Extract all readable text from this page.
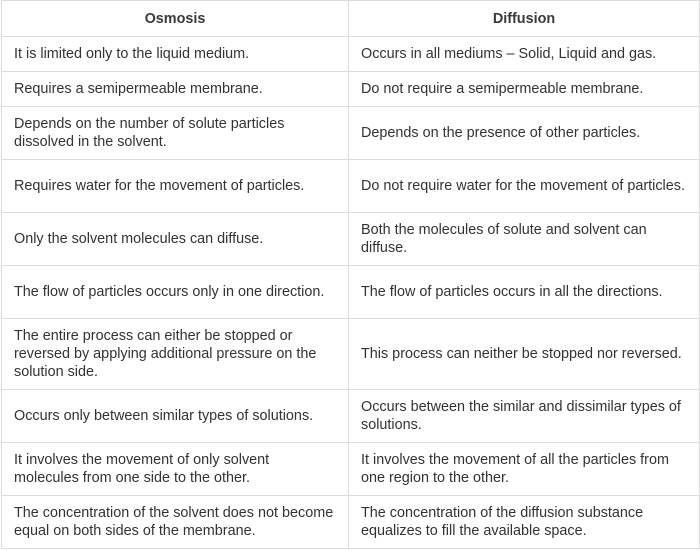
Osmosis	Diffusion
It is limited only to the liquid medium.	Occurs in all mediums – Solid, Liquid and gas.
Requires a semipermeable membrane.	Do not require a semipermeable membrane.
Depends on the number of solute particles dissolved in the solvent.	Depends on the presence of other particles.
Requires water for the movement of particles.	Do not require water for the movement of particles.
Only the solvent molecules can diffuse.	Both the molecules of solute and solvent can diffuse.
The flow of particles occurs only in one direction.	The flow of particles occurs in all the directions.
The entire process can either be stopped or reversed by applying additional pressure on the solution side.	This process can neither be stopped nor reversed.
Occurs only between similar types of solutions.	Occurs between the similar and dissimilar types of solutions.
It involves the movement of only solvent molecules from one side to the other.	It involves the movement of all the particles from one region to the other.
The concentration of the solvent does not become equal on both sides of the membrane.	The concentration of the diffusion substance equalizes to fill the available space.
